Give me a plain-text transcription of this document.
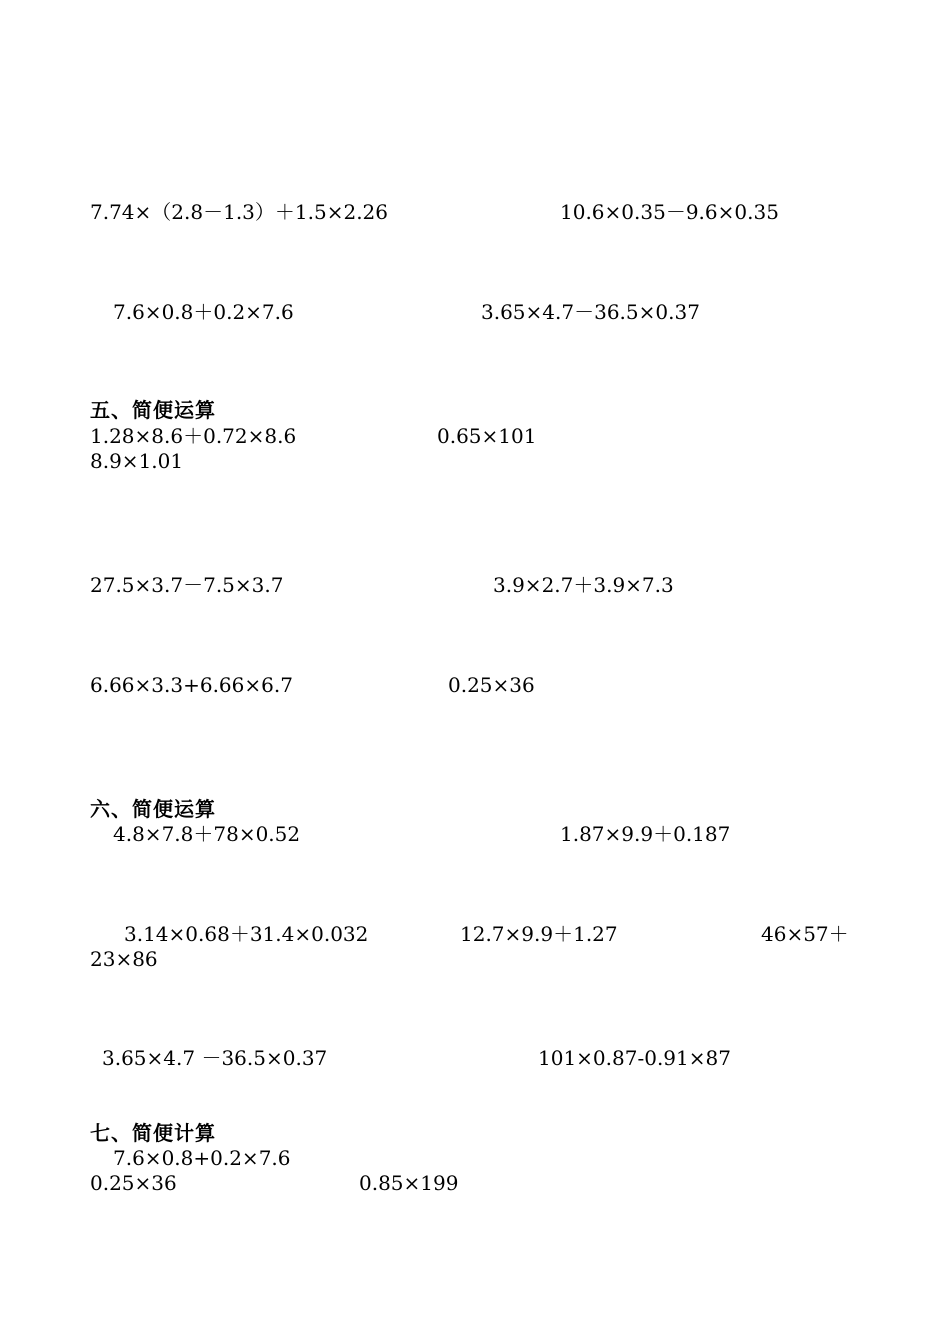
7.74×（2.8－1.3）＋1.5×2.26	10.6×0.35－9.6×0.35
7.6×0.8＋0.2×7.6	3.65×4.7－36.5×0.37
五、简便运算
1.28×8.6＋0.72×8.6	0.65×101
8.9×1.01
27.5×3.7－7.5×3.7	3.9×2.7＋3.9×7.3
6.66×3.3+6.66×6.7	0.25×36
六、简便运算
4.8×7.8＋78×0.52	1.87×9.9＋0.187
3.14×0.68＋31.4×0.032	12.7×9.9＋1.27	46×57＋
23×86
3.65×4.7 －36.5×0.37	101×0.87-0.91×87
七、简便计算
7.6×0.8+0.2×7.6
0.25×36	0.85×199
